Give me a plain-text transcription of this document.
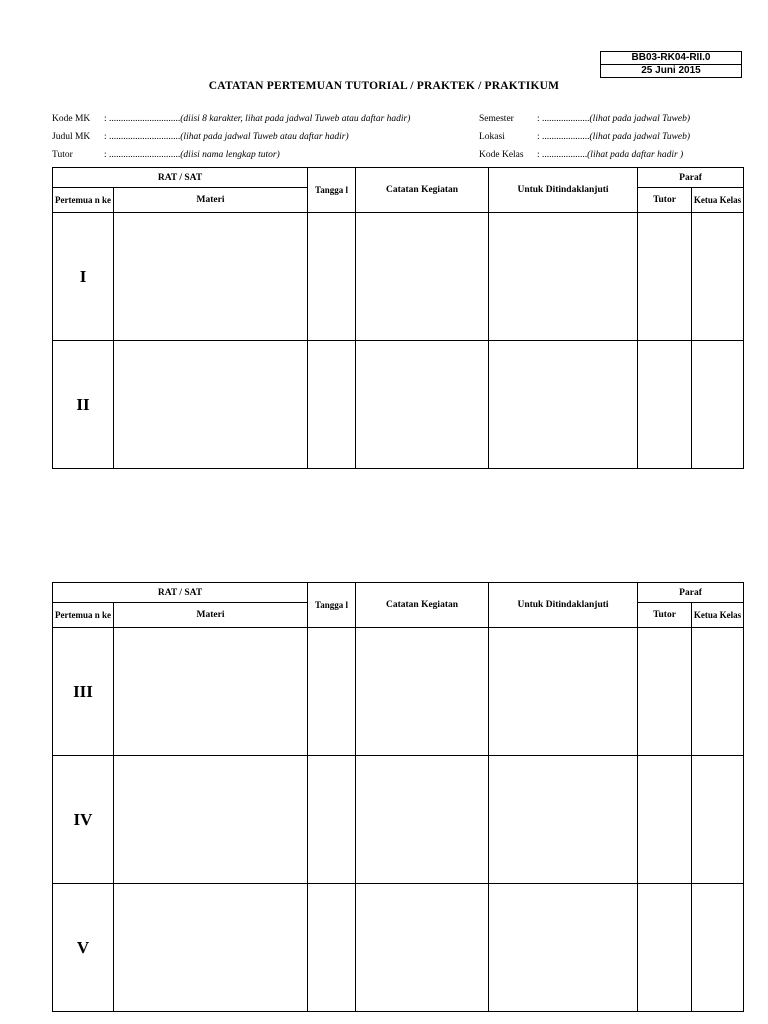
BB03-RK04-RII.0
25 Juni 2015
CATATAN PERTEMUAN TUTORIAL / PRAKTEK / PRAKTIKUM
Kode MK : ..............................(diisi 8 karakter, lihat pada jadwal Tuweb atau daftar hadir)
Judul MK : ..............................(lihat pada jadwal Tuweb atau daftar hadir)
Tutor	: ..............................(diisi nama lengkap tutor)
Semester : ....................(lihat pada jadwal Tuweb)
Lokasi	: ....................(lihat pada jadwal Tuweb)
Kode Kelas : ...................(lihat pada daftar hadir )
RAT / SAT		Tangga l	Catatan Kegiatan	Untuk Ditindaklanjuti	Paraf	
Pertemua n ke	Materi				Tutor	Ketua Kelas
I						
II						
RAT / SAT		Tangga l	Catatan Kegiatan	Untuk Ditindaklanjuti	Paraf	
Pertemua n ke	Materi				Tutor	Ketua Kelas
III						
IV						
V						
